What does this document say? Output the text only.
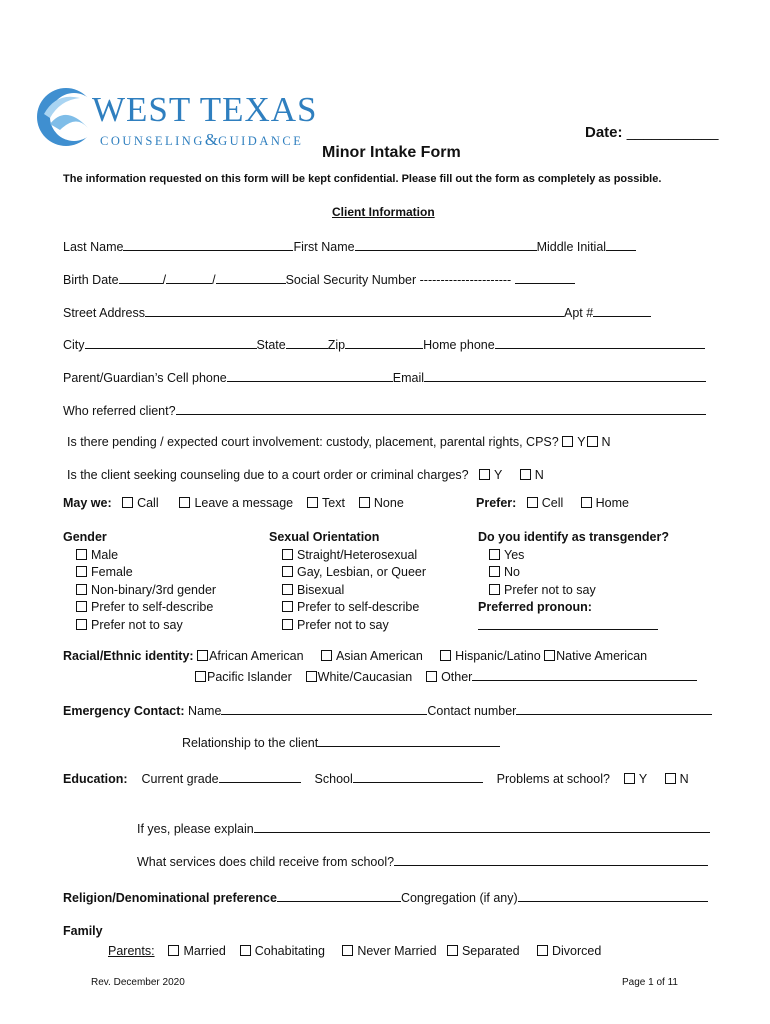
WEST TEXAS
COUNSELING&GUIDANCE	Date: ___________
Minor Intake Form
The information requested on this form will be kept confidential. Please fill out the form as completely as possible.
Client Information
Last Name	First Name	Middle Initial
Birth Date	/	/	Social Security Number ----------------------
Street Address	Apt #
City	State	Zip	Home phone
Parent/Guardian’s Cell phone	Email
Who referred client?
Is there pending / expected court involvement: custody, placement, parental rights, CPS? Y N
Is the client seeking counseling due to a court order or criminal charges? Y	N
May we: Call	Leave a message Text None	Prefer: Cell	Home
Gender
Male
Female
Non-binary/3rd gender
Prefer to self-describe
Prefer not to say
Sexual Orientation
Straight/Heterosexual
Gay, Lesbian, or Queer
Bisexual
Prefer to self-describe
Prefer not to say
Do you identify as transgender?
Yes
No
Prefer not to say
Preferred pronoun:
Racial/Ethnic identity: African American	Asian American	Hispanic/Latino Native American
Pacific Islander White/Caucasian Other
Emergency Contact: Name	Contact number
Relationship to the client
Education: Current grade	School	Problems at school? Y	N
If yes, please explain
What services does child receive from school?
Religion/Denominational preference	Congregation (if any)
Family
Parents: Married Cohabitating	Never Married Separated	Divorced
Rev. December 2020	Page 1 of 11
